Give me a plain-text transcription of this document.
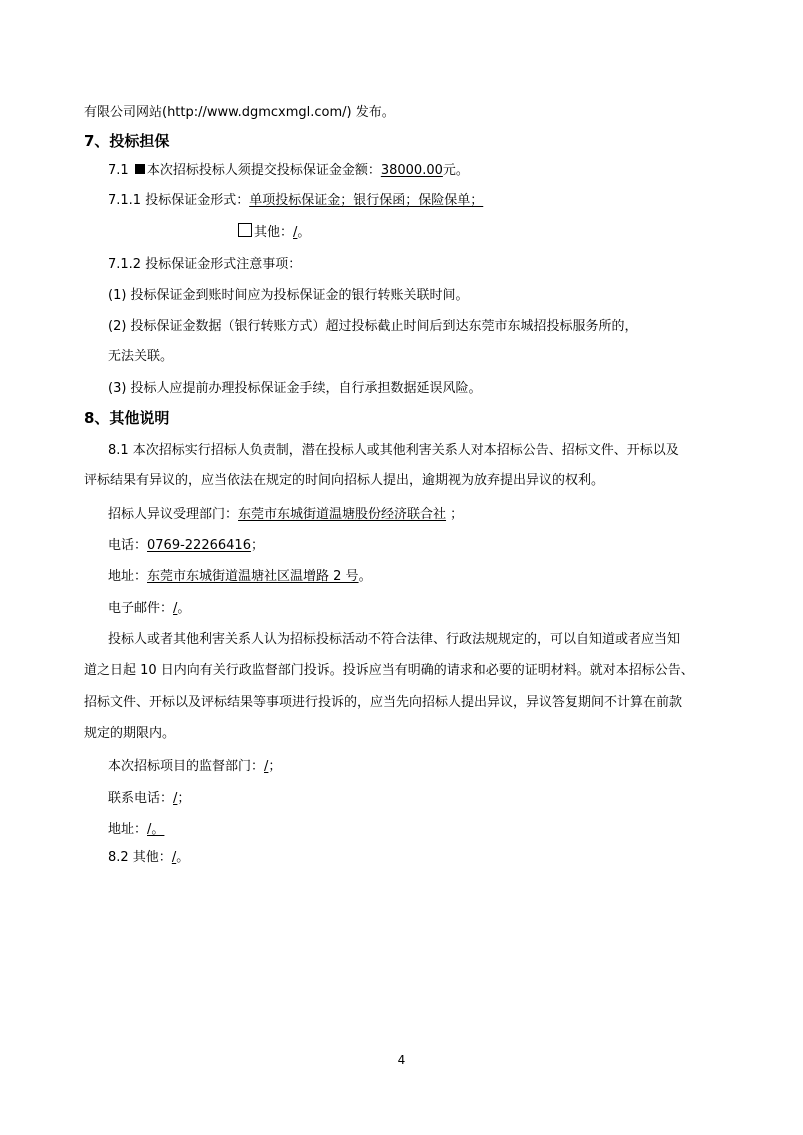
有限公司网站(http://www.dgmcxmgl.com/) 发布。
7、投标担保
7.1 本次招标投标人须提交投标保证金金额：38000.00元。
7.1.1 投标保证金形式：单项投标保证金；银行保函；保险保单；
其他：/。
7.1.2 投标保证金形式注意事项：
(1) 投标保证金到账时间应为投标保证金的银行转账关联时间。
(2) 投标保证金数据（银行转账方式）超过投标截止时间后到达东莞市东城招投标服务所的，
无法关联。
(3) 投标人应提前办理投标保证金手续，自行承担数据延误风险。
8、其他说明
8.1 本次招标实行招标人负责制，潜在投标人或其他利害关系人对本招标公告、招标文件、开标以及
评标结果有异议的，应当依法在规定的时间向招标人提出，逾期视为放弃提出异议的权利。
招标人异议受理部门：东莞市东城街道温塘股份经济联合社 ；
电话：0769-22266416；
地址：东莞市东城街道温塘社区温增路 2 号。
电子邮件：/。
投标人或者其他利害关系人认为招标投标活动不符合法律、行政法规规定的，可以自知道或者应当知
道之日起 10 日内向有关行政监督部门投诉。投诉应当有明确的请求和必要的证明材料。就对本招标公告、
招标文件、开标以及评标结果等事项进行投诉的，应当先向招标人提出异议，异议答复期间不计算在前款
规定的期限内。
本次招标项目的监督部门：/；
联系电话：/；
地址：/。
8.2 其他：/。
4
